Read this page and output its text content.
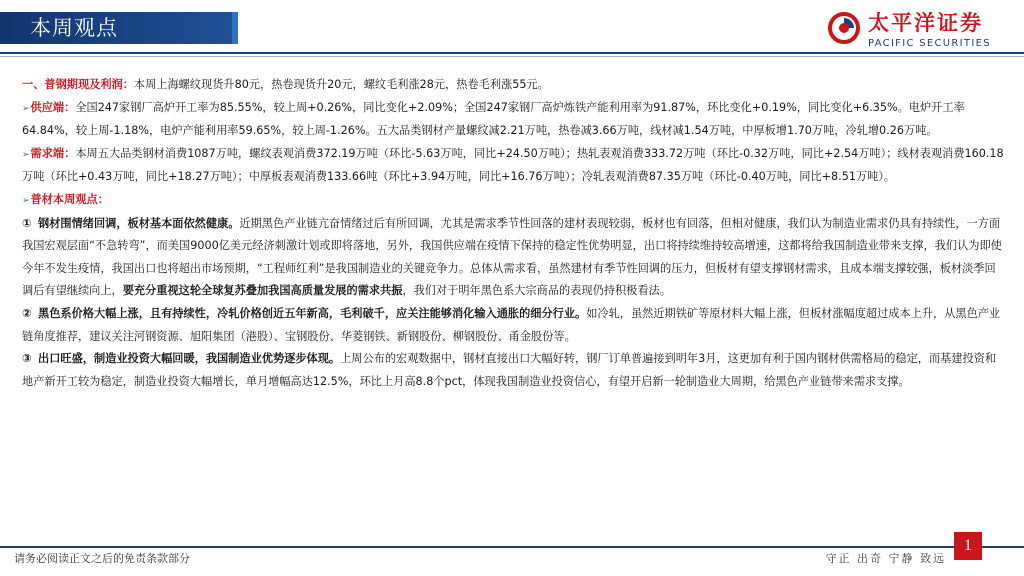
本周观点	太平洋证券
PACIFIC SECURITIES

一、普钢期现及利润：本周上海螺纹现货升80元，热卷现货升20元，螺纹毛利涨28元，热卷毛利涨55元。

➢供应端：全国247家钢厂高炉开工率为85.55%，较上周+0.26%，同比变化+2.09%；全国247家钢厂高炉炼铁产能利用率为91.87%，环比变化+0.19%，同比变化+6.35%。电炉开工率64.84%，较上周-1.18%，电炉产能利用率59.65%，较上周-1.26%。五大品类钢材产量螺纹减2.21万吨，热卷减3.66万吨，线材减1.54万吨，中厚板增1.70万吨，冷轧增0.26万吨。

➢需求端：本周五大品类钢材消费1087万吨，螺纹表观消费372.19万吨（环比-5.63万吨，同比+24.50万吨）；热轧表观消费333.72万吨（环比-0.32万吨，同比+2.54万吨）；线材表观消费160.18万吨（环比+0.43万吨，同比+18.27万吨）；中厚板表观消费133.66吨（环比+3.94万吨，同比+16.76万吨）；冷轧表观消费87.35万吨（环比-0.40万吨，同比+8.51万吨）。

➢普材本周观点：

① 钢材围情绪回调，板材基本面依然健康。近期黑色产业链亢奋情绪过后有所回调，尤其是需求季节性回落的建材表现较弱，板材也有回落，但相对健康，我们认为制造业需求仍具有持续性，一方面我国宏观层面“不急转弯”，而美国9000亿美元经济刺激计划或即将落地，另外，我国供应端在疫情下保持的稳定性优势明显，出口将持续维持较高增速，这都将给我国制造业带来支撑，我们认为即使今年不发生疫情，我国出口也将超出市场预期，“工程师红利”是我国制造业的关键竞争力。总体从需求看，虽然建材有季节性回调的压力，但板材有望支撑钢材需求，且成本端支撑较强，板材淡季回调后有望继续向上，要充分重视这轮全球复苏叠加我国高质量发展的需求共振，我们对于明年黑色系大宗商品的表现仍持积极看法。

② 黑色系价格大幅上涨，且有持续性，冷轧价格创近五年新高，毛利破千，应关注能够消化输入通胀的细分行业。如冷轧，虽然近期铁矿等原材料大幅上涨，但板材涨幅度超过成本上升，从黑色产业链角度推荐，建议关注河钢资源、旭阳集团（港股）、宝钢股份、华菱钢铁、新钢股份、柳钢股份、甬金股份等。

③ 出口旺盛，制造业投资大幅回暖，我国制造业优势逐步体现。上周公布的宏观数据中，钢材直接出口大幅好转，钢厂订单普遍接到明年3月，这更加有利于国内钢材供需格局的稳定，而基建投资和地产新开工较为稳定，制造业投资大幅增长，单月增幅高达12.5%，环比上月高8.8个pct，体现我国制造业投资信心，有望开启新一轮制造业大周期，给黑色产业链带来需求支撑。

请务必阅读正文之后的免责条款部分	守正 出奇 宁静 致远
1
